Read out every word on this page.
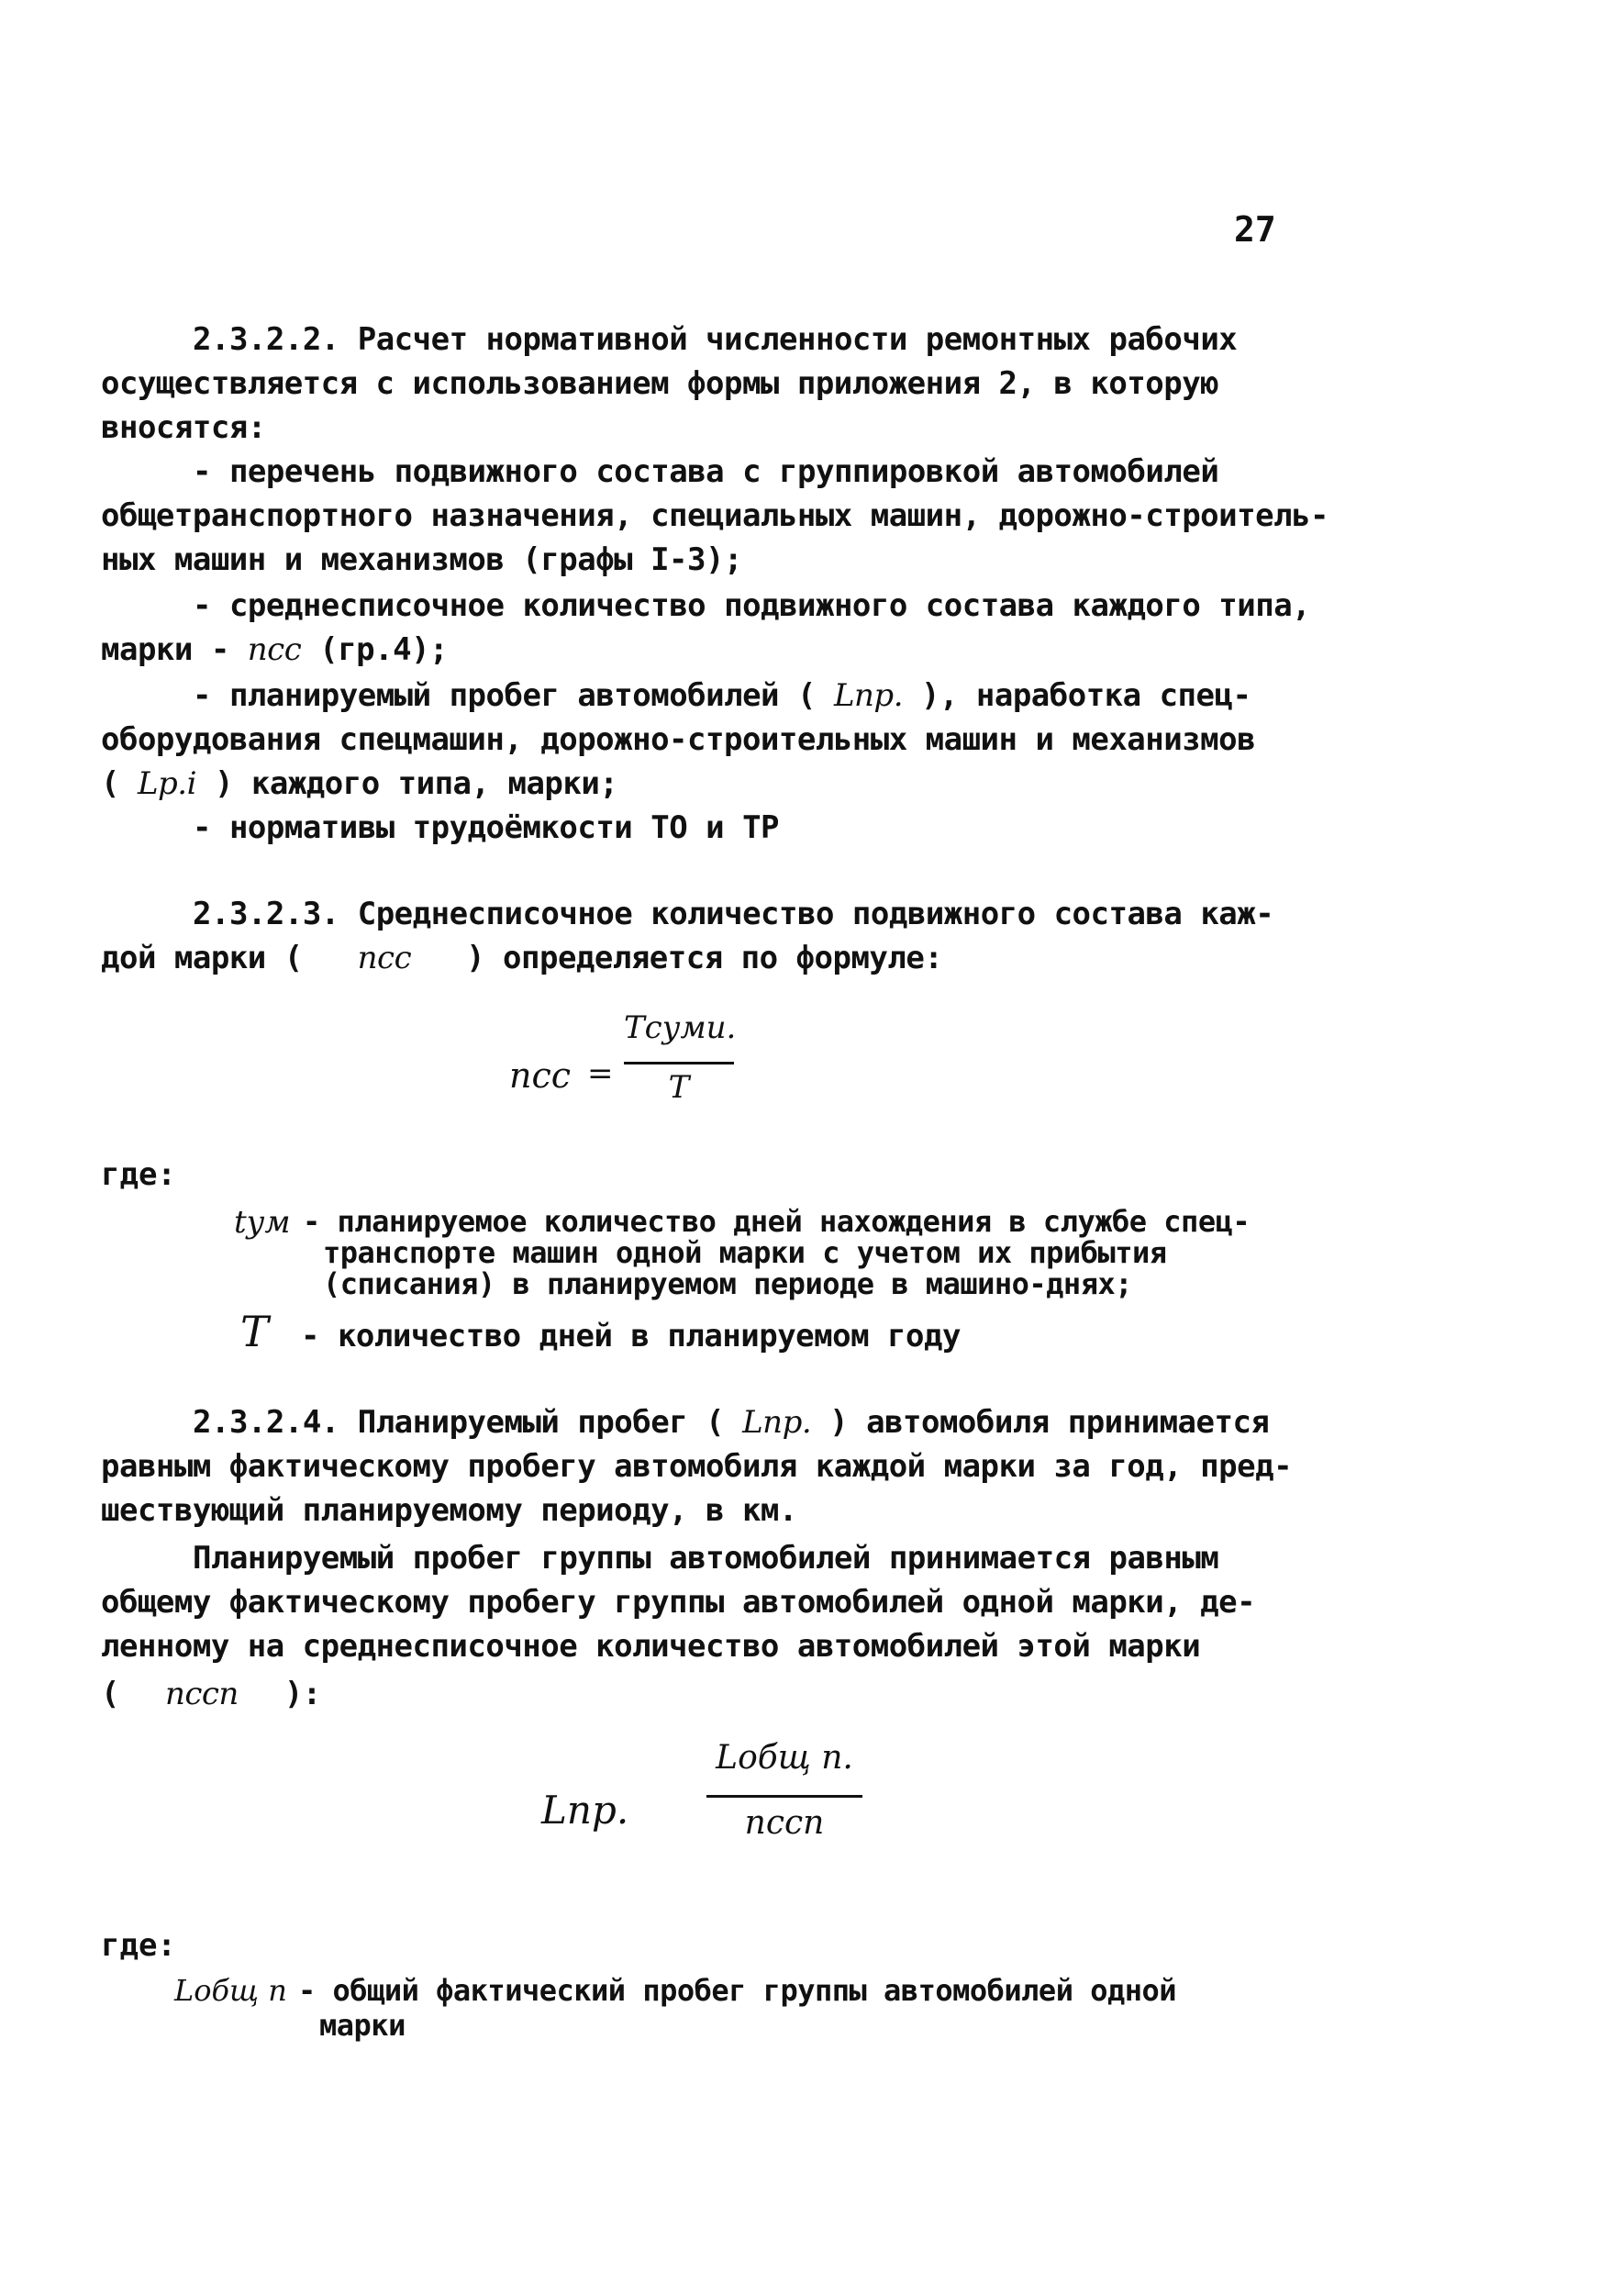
27
2.3.2.2. Расчет нормативной численности ремонтных рабочих
осуществляется с использованием формы приложения 2, в которую
вносятся:
- перечень подвижного состава с группировкой автомобилей
общетранспортного назначения, специальных машин, дорожно-строитель-
ных машин и механизмов (графы I-3);
- среднесписочное количество подвижного состава каждого типа,
марки - nсс (гр.4);
- планируемый пробег автомобилей ( Lпр. ), наработка спец-
оборудования спецмашин, дорожно-строительных машин и механизмов
( Lр.i ) каждого типа, марки;
- нормативы трудоёмкости ТО и ТР
2.3.2.3. Среднесписочное количество подвижного состава каж-
дой марки ( nсс ) определяется по формуле:
nсс =
Tсуми.
T
где:
tум - планируемое количество дней нахождения в службе спец-
транспорте машин одной марки с учетом их прибытия
(списания) в планируемом периоде в машино-днях;
T - количество дней в планируемом году
2.3.2.4. Планируемый пробег ( Lпр. ) автомобиля принимается
равным фактическому пробегу автомобиля каждой марки за год, пред-
шествующий планируемому периоду, в км.
Планируемый пробег группы автомобилей принимается равным
общему фактическому пробегу группы автомобилей одной марки, де-
ленному на среднесписочное количество автомобилей этой марки
( nссn ):
Lпр.
Lобщ п.
nссn
где:
Lобщ п - общий фактический пробег группы автомобилей одной
марки
